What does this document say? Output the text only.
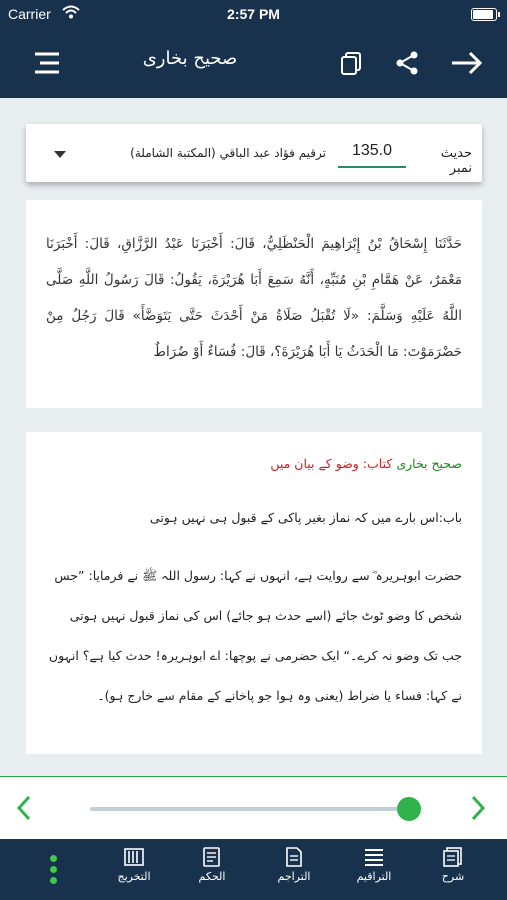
Carrier	2:57 PM
صحیح بخاری
حَدَّثَنَا إِسْحَاقُ بْنُ إِبْرَاهِيمَ الْحَنْظَلِيُّ، قَالَ: أَخْبَرَنَا عَبْدُ الرَّزَّاقِ، قَالَ: أَخْبَرَنَا مَعْمَرٌ، عَنْ هَمَّامِ بْنِ مُنَبِّهٍ، أَنَّهُ سَمِعَ أَبَا هُرَيْرَةَ، يَقُولُ: قَالَ رَسُولُ اللَّهِ صَلَّى اللَّهُ عَلَيْهِ وَسَلَّمَ: «لَا تُقْبَلُ صَلَاةُ مَنْ أَحْدَثَ حَتَّى يَتَوَضَّأَ» قَالَ رَجُلٌ مِنْ حَضْرَمَوْتَ: مَا الْحَدَثُ يَا أَبَا هُرَيْرَةَ؟، قَالَ: فُسَاءٌ أَوْ ضُرَاطٌ
ترقيم فؤاد عبد الباقي (المكتبة الشاملة)
135.0	حدیث نمبر
صحیح بخاری کتاب: وضو کے بیان میں
باب:اس بارے میں کہ نماز بغیر پاکی کے قبول ہی نہیں ہوتی
حضرت ابوہریرہ ؓ سے روایت ہے، انہوں نے کہا: رسول اللہ ﷺ نے فرمایا: ”جس شخص کا وضو ٹوٹ جائے (اسے حدث ہو جائے) اس کی نماز قبول نہیں ہوتی جب تک وضو نہ کرے۔“ ایک حضرمی نے پوچھا: اے ابوہریرہ! حدث کیا ہے؟ انہوں نے کہا: فساء یا ضراط (یعنی وہ ہوا جو پاخانے کے مقام سے خارج ہو)۔
التخریج	الحکم	التراجم	التراقیم	شرح
